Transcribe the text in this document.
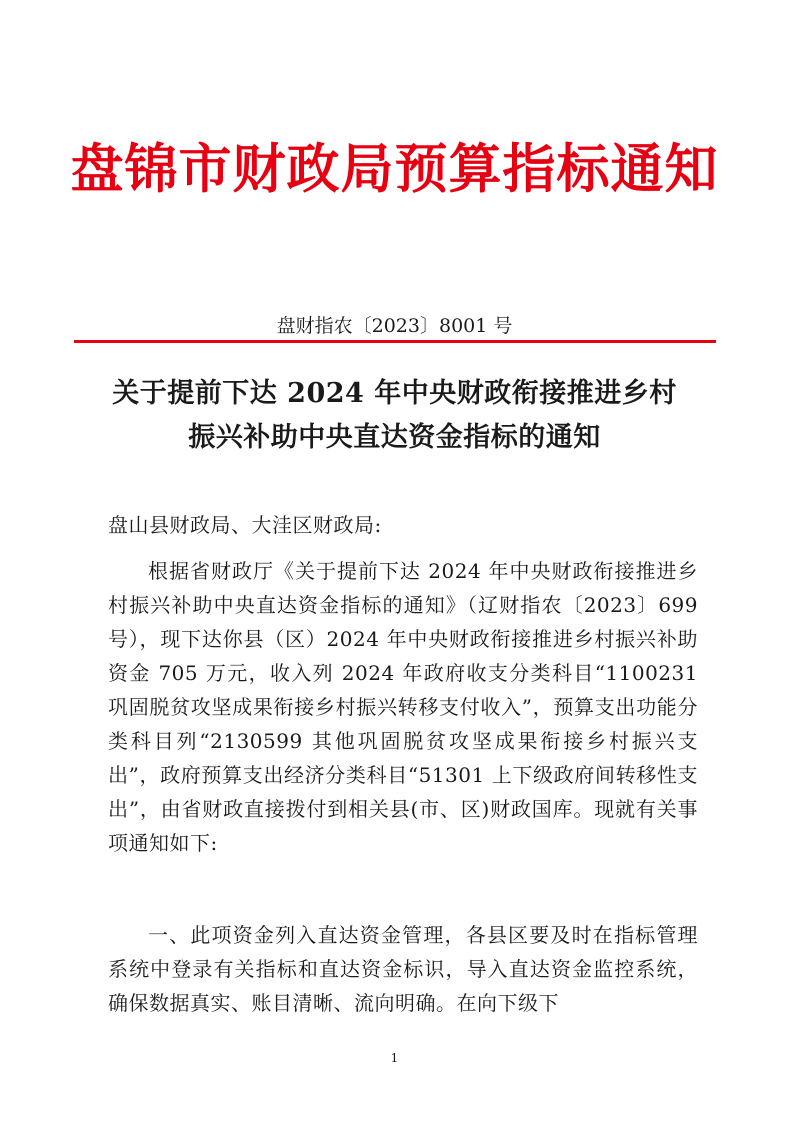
盘锦市财政局预算指标通知
盘财指农〔2023〕8001 号
关于提前下达 2024 年中央财政衔接推进乡村
振兴补助中央直达资金指标的通知
盘山县财政局、大洼区财政局:
根据省财政厅《关于提前下达 2024 年中央财政衔接推进乡村振兴补助中央直达资金指标的通知》（辽财指农〔2023〕699 号），现下达你县（区）2024 年中央财政衔接推进乡村振兴补助资金 705 万元，收入列 2024 年政府收支分类科目“1100231 巩固脱贫攻坚成果衔接乡村振兴转移支付收入”，预算支出功能分类科目列“2130599 其他巩固脱贫攻坚成果衔接乡村振兴支出”，政府预算支出经济分类科目“51301 上下级政府间转移性支出”，由省财政直接拨付到相关县(市、区)财政国库。现就有关事项通知如下:
一、此项资金列入直达资金管理，各县区要及时在指标管理系统中登录有关指标和直达资金标识，导入直达资金监控系统，确保数据真实、账目清晰、流向明确。在向下级下
1
